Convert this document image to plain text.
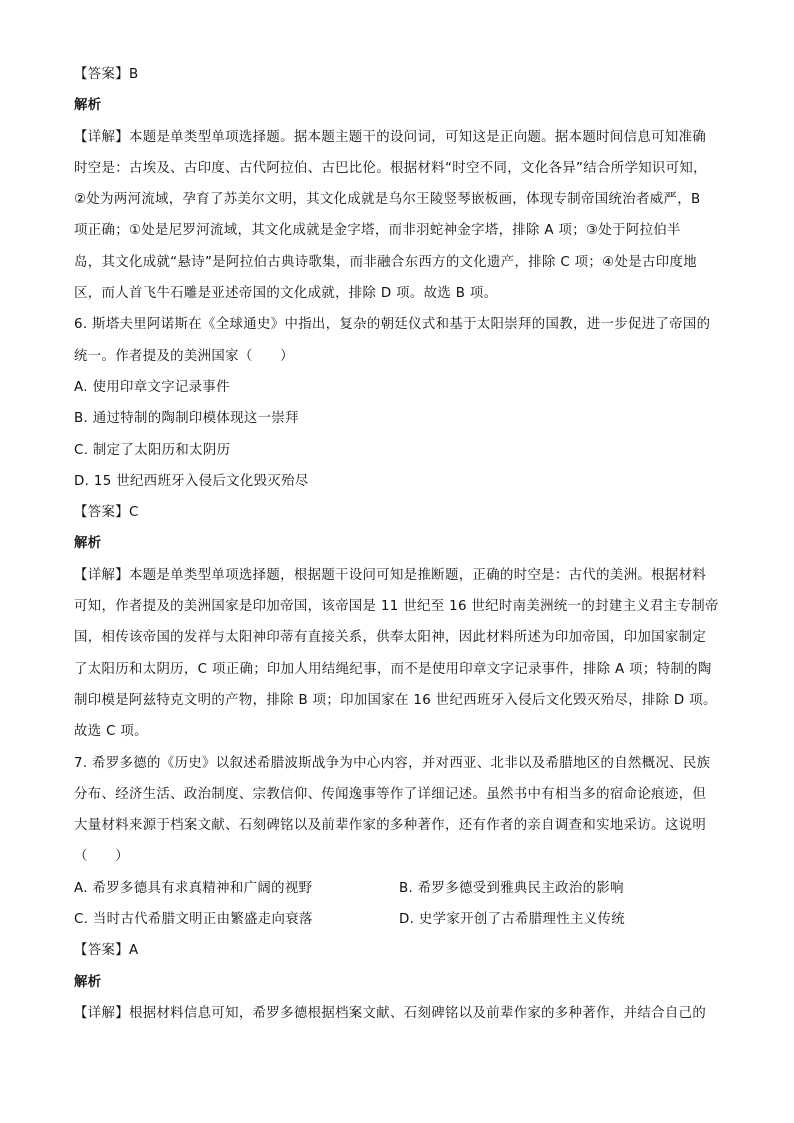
【答案】B
解析
【详解】本题是单类型单项选择题。据本题主题干的设问词，可知这是正向题。据本题时间信息可知准确
时空是：古埃及、古印度、古代阿拉伯、古巴比伦。根据材料“时空不同，文化各异”结合所学知识可知，
②处为两河流域，孕育了苏美尔文明，其文化成就是乌尔王陵竖琴嵌板画，体现专制帝国统治者威严，B
项正确；①处是尼罗河流域，其文化成就是金字塔，而非羽蛇神金字塔，排除 A 项；③处于阿拉伯半
岛，其文化成就“悬诗”是阿拉伯古典诗歌集，而非融合东西方的文化遗产，排除 C 项；④处是古印度地
区，而人首飞牛石雕是亚述帝国的文化成就，排除 D 项。故选 B 项。
6. 斯塔夫里阿诺斯在《全球通史》中指出，复杂的朝廷仪式和基于太阳崇拜的国教，进一步促进了帝国的
统一。作者提及的美洲国家（　　）
A. 使用印章文字记录事件
B. 通过特制的陶制印模体现这一崇拜
C. 制定了太阳历和太阴历
D. 15 世纪西班牙入侵后文化毁灭殆尽
【答案】C
解析
【详解】本题是单类型单项选择题，根据题干设问可知是推断题，正确的时空是：古代的美洲。根据材料
可知，作者提及的美洲国家是印加帝国，该帝国是 11 世纪至 16 世纪时南美洲统一的封建主义君主专制帝
国，相传该帝国的发祥与太阳神印蒂有直接关系，供奉太阳神，因此材料所述为印加帝国，印加国家制定
了太阳历和太阴历，C 项正确；印加人用结绳纪事，而不是使用印章文字记录事件，排除 A 项；特制的陶
制印模是阿兹特克文明的产物，排除 B 项；印加国家在 16 世纪西班牙入侵后文化毁灭殆尽，排除 D 项。
故选 C 项。
7. 希罗多德的《历史》以叙述希腊波斯战争为中心内容，并对西亚、北非以及希腊地区的自然概况、民族
分布、经济生活、政治制度、宗教信仰、传闻逸事等作了详细记述。虽然书中有相当多的宿命论痕迹，但
大量材料来源于档案文献、石刻碑铭以及前辈作家的多种著作，还有作者的亲自调查和实地采访。这说明
（　　）
A. 希罗多德具有求真精神和广阔的视野	B. 希罗多德受到雅典民主政治的影响
C. 当时古代希腊文明正由繁盛走向衰落	D. 史学家开创了古希腊理性主义传统
【答案】A
解析
【详解】根据材料信息可知，希罗多德根据档案文献、石刻碑铭以及前辈作家的多种著作，并结合自己的
